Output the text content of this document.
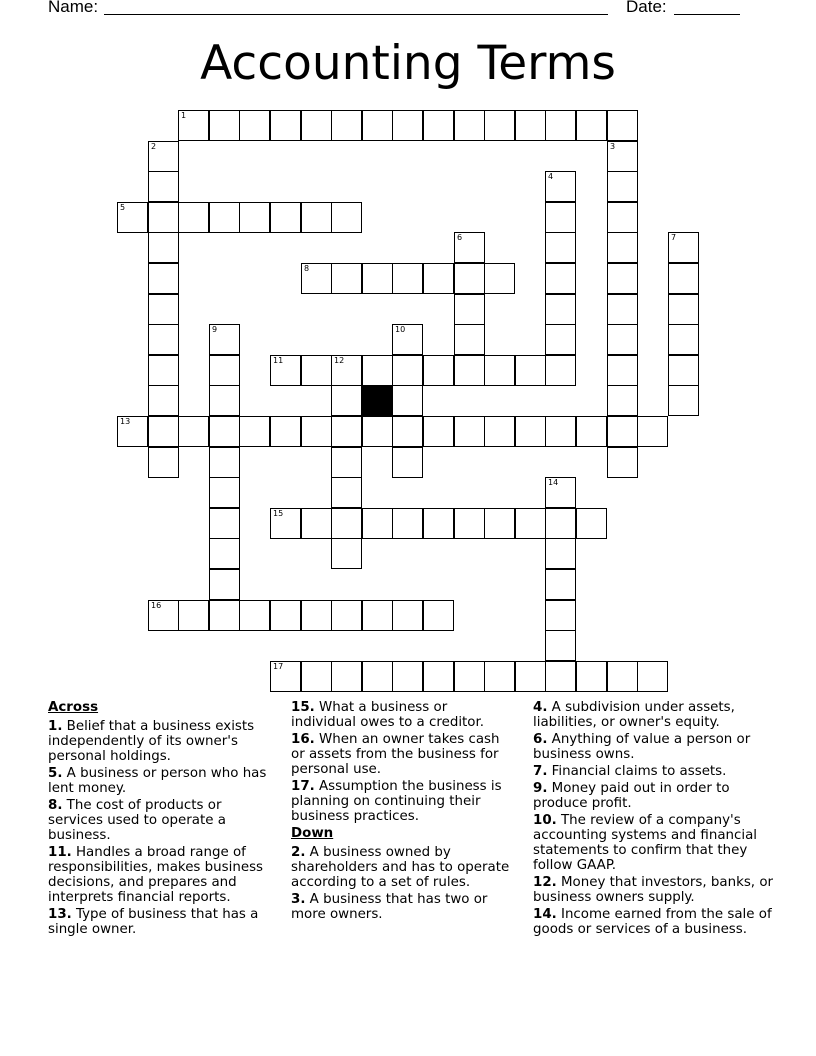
Name:	Date:
Accounting Terms
1
2	3
4
5
6	7
8
9	10
11	12
13
14
15
16
17
Across
1. Belief that a business exists independently of its owner's personal holdings.
5. A business or person who has lent money.
8. The cost of products or services used to operate a business.
11. Handles a broad range of responsibilities, makes business decisions, and prepares and interprets financial reports.
13. Type of business that has a single owner.
15. What a business or individual owes to a creditor.
16. When an owner takes cash or assets from the business for personal use.
17. Assumption the business is planning on continuing their business practices.
Down
2. A business owned by shareholders and has to operate according to a set of rules.
3. A business that has two or more owners.
4. A subdivision under assets, liabilities, or owner's equity.
6. Anything of value a person or business owns.
7. Financial claims to assets.
9. Money paid out in order to produce profit.
10. The review of a company's accounting systems and financial statements to confirm that they follow GAAP.
12. Money that investors, banks, or business owners supply.
14. Income earned from the sale of goods or services of a business.
